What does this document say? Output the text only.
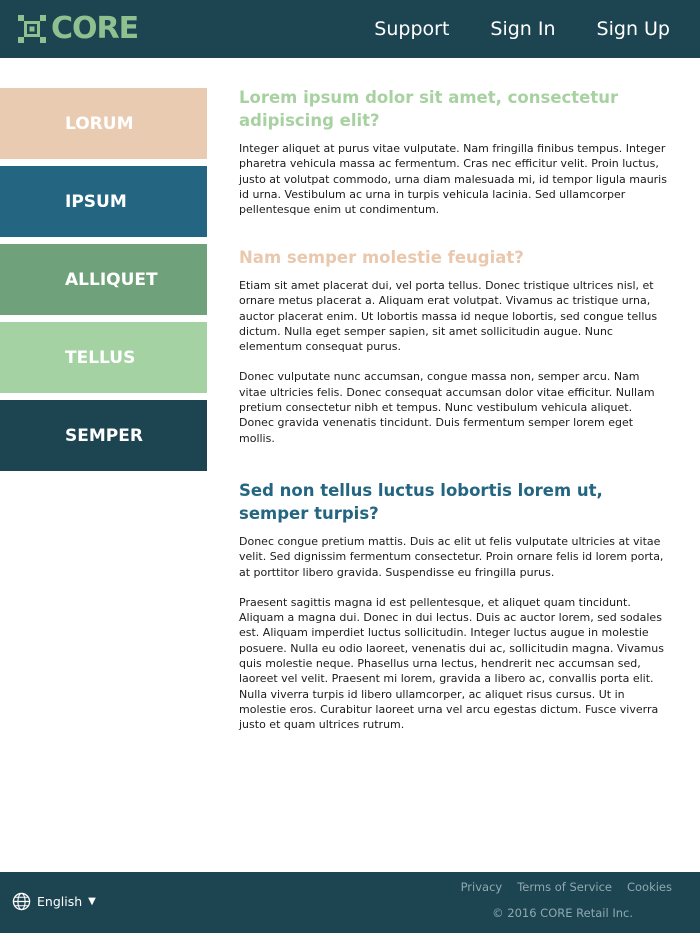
CORE	Support Sign In Sign Up
LORUM
IPSUM
ALLIQUET
TELLUS
SEMPER
Lorem ipsum dolor sit amet, consectetur adipiscing elit?

Integer aliquet at purus vitae vulputate. Nam fringilla finibus tempus. Integer pharetra vehicula massa ac fermentum. Cras nec efficitur velit. Proin luctus, justo at volutpat commodo, urna diam malesuada mi, id tempor ligula mauris id urna. Vestibulum ac urna in turpis vehicula lacinia. Sed ullamcorper pellentesque enim ut condimentum.

Nam semper molestie feugiat?

Etiam sit amet placerat dui, vel porta tellus. Donec tristique ultrices nisl, et ornare metus placerat a. Aliquam erat volutpat. Vivamus ac tristique urna, auctor placerat enim. Ut lobortis massa id neque lobortis, sed congue tellus dictum. Nulla eget semper sapien, sit amet sollicitudin augue. Nunc elementum consequat purus.

Donec vulputate nunc accumsan, congue massa non, semper arcu. Nam vitae ultricies felis. Donec consequat accumsan dolor vitae efficitur. Nullam pretium consectetur nibh et tempus. Nunc vestibulum vehicula aliquet. Donec gravida venenatis tincidunt. Duis fermentum semper lorem eget mollis.

Sed non tellus luctus lobortis lorem ut, semper turpis?

Donec congue pretium mattis. Duis ac elit ut felis vulputate ultricies at vitae velit. Sed dignissim fermentum consectetur. Proin ornare felis id lorem porta, at porttitor libero gravida. Suspendisse eu fringilla purus.

Praesent sagittis magna id est pellentesque, et aliquet quam tincidunt. Aliquam a magna dui. Donec in dui lectus. Duis ac auctor lorem, sed sodales est. Aliquam imperdiet luctus sollicitudin. Integer luctus augue in molestie posuere. Nulla eu odio laoreet, venenatis dui ac, sollicitudin magna. Vivamus quis molestie neque. Phasellus urna lectus, hendrerit nec accumsan sed, laoreet vel velit. Praesent mi lorem, gravida a libero ac, convallis porta elit. Nulla viverra turpis id libero ullamcorper, ac aliquet risus cursus. Ut in molestie eros. Curabitur laoreet urna vel arcu egestas dictum. Fusce viverra justo et quam ultrices rutrum.

English ▼
Privacy Terms of Service Cookies
© 2016 CORE Retail Inc.
